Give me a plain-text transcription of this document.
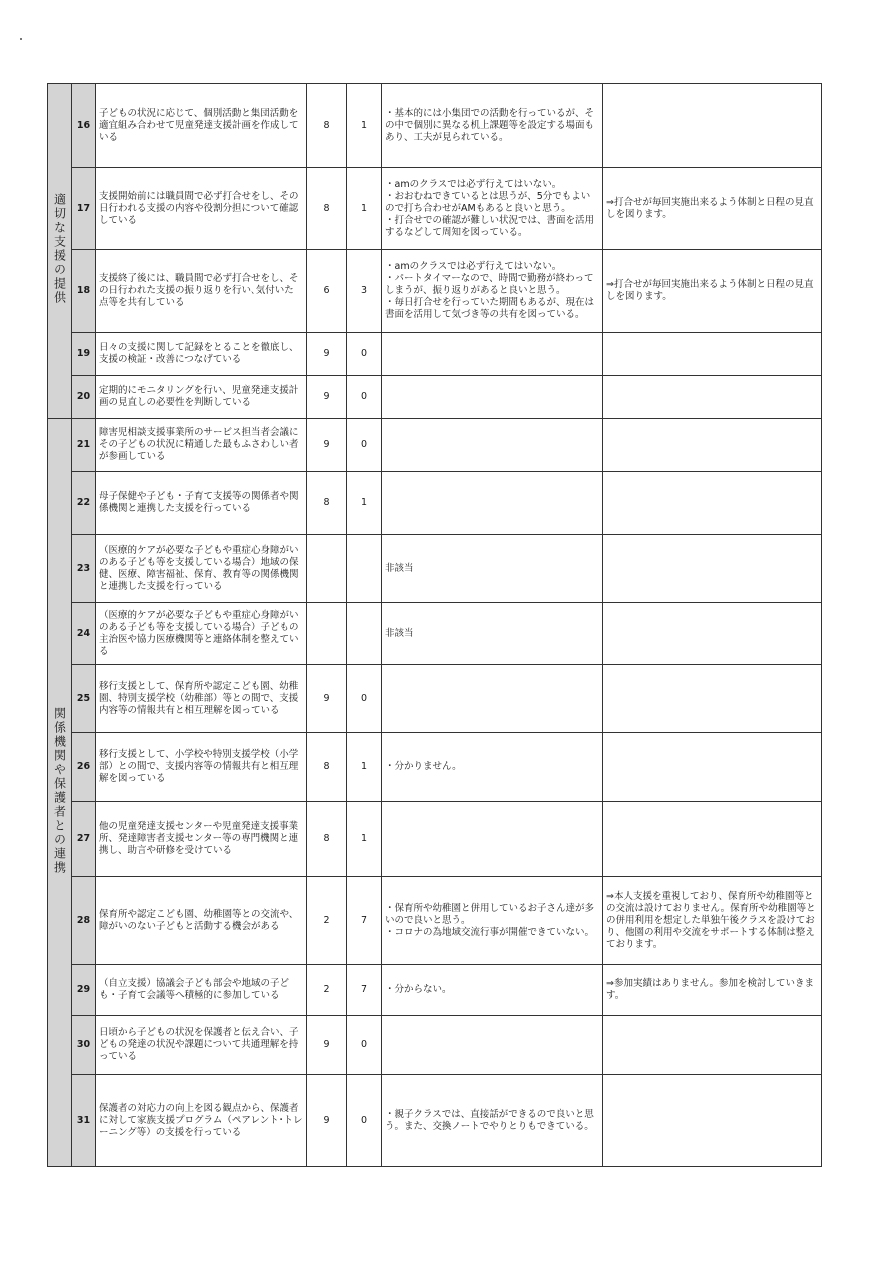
適切な支援の提供	16	子どもの状況に応じて、個別活動と集団活動を適宜組み合わせて児童発達支援計画を作成している	8	1	・基本的には小集団での活動を行っているが、その中で個別に異なる机上課題等を設定する場面もあり、工夫が見られている。	
	17	支援開始前には職員間で必ず打合せをし、その日行われる支援の内容や役割分担について確認している	8	1	・amのクラスでは必ず行えてはいない。
・おおむねできているとは思うが、5分でもよいので打ち合わせがAMもあると良いと思う。
・打合せでの確認が難しい状況では、書面を活用するなどして周知を図っている。	⇒打合せが毎回実施出来るよう体制と日程の見直しを図ります。
	18	支援終了後には、職員間で必ず打合せをし、その日行われた支援の振り返りを行い､気付いた点等を共有している	6	3	・amのクラスでは必ず行えてはいない。
・パートタイマーなので、時間で勤務が終わってしまうが、振り返りがあると良いと思う。
・毎日打合せを行っていた期間もあるが、現在は書面を活用して気づき等の共有を図っている。	⇒打合せが毎回実施出来るよう体制と日程の見直しを図ります。
	19	日々の支援に関して記録をとることを徹底し、支援の検証・改善につなげている	9	0		
	20	定期的にモニタリングを行い、児童発達支援計画の見直しの必要性を判断している	9	0		
関係機関や保護者との連携	21	障害児相談支援事業所のサービス担当者会議にその子どもの状況に精通した最もふさわしい者が参画している	9	0		
	22	母子保健や子ども・子育て支援等の関係者や関係機関と連携した支援を行っている	8	1		
	23	（医療的ケアが必要な子どもや重症心身障がいのある子ども等を支援している場合）地域の保健、医療、障害福祉、保育、教育等の関係機関と連携した支援を行っている			非該当	
	24	（医療的ケアが必要な子どもや重症心身障がいのある子ども等を支援している場合）子どもの主治医や協力医療機関等と連絡体制を整えている			非該当	
	25	移行支援として、保育所や認定こども園、幼稚園、特別支援学校（幼稚部）等との間で、支援内容等の情報共有と相互理解を図っている	9	0		
	26	移行支援として、小学校や特別支援学校（小学部）との間で、支援内容等の情報共有と相互理解を図っている	8	1	・分かりません。	
	27	他の児童発達支援センターや児童発達支援事業所、発達障害者支援センター等の専門機関と連携し、助言や研修を受けている	8	1		
	28	保育所や認定こども園、幼稚園等との交流や、障がいのない子どもと活動する機会がある	2	7	・保育所や幼稚園と併用しているお子さん達が多いので良いと思う。
・コロナの為地域交流行事が開催できていない。	⇒本人支援を重視しており、保育所や幼稚園等との交流は設けておりません。保育所や幼稚園等との併用利用を想定した単独午後クラスを設けており、他園の利用や交流をサポートする体制は整えております。
	29	（自立支援）協議会子ども部会や地域の子ども・子育て会議等へ積極的に参加している	2	7	・分からない。	⇒参加実績はありません。参加を検討していきます。
	30	日頃から子どもの状況を保護者と伝え合い、子どもの発達の状況や課題について共通理解を持っている	9	0		
	31	保護者の対応力の向上を図る観点から、保護者に対して家族支援プログラム（ペアレント･トレーニング等）の支援を行っている	9	0	・親子クラスでは、直接話ができるので良いと思う。また、交換ノートでやりとりもできている。	
